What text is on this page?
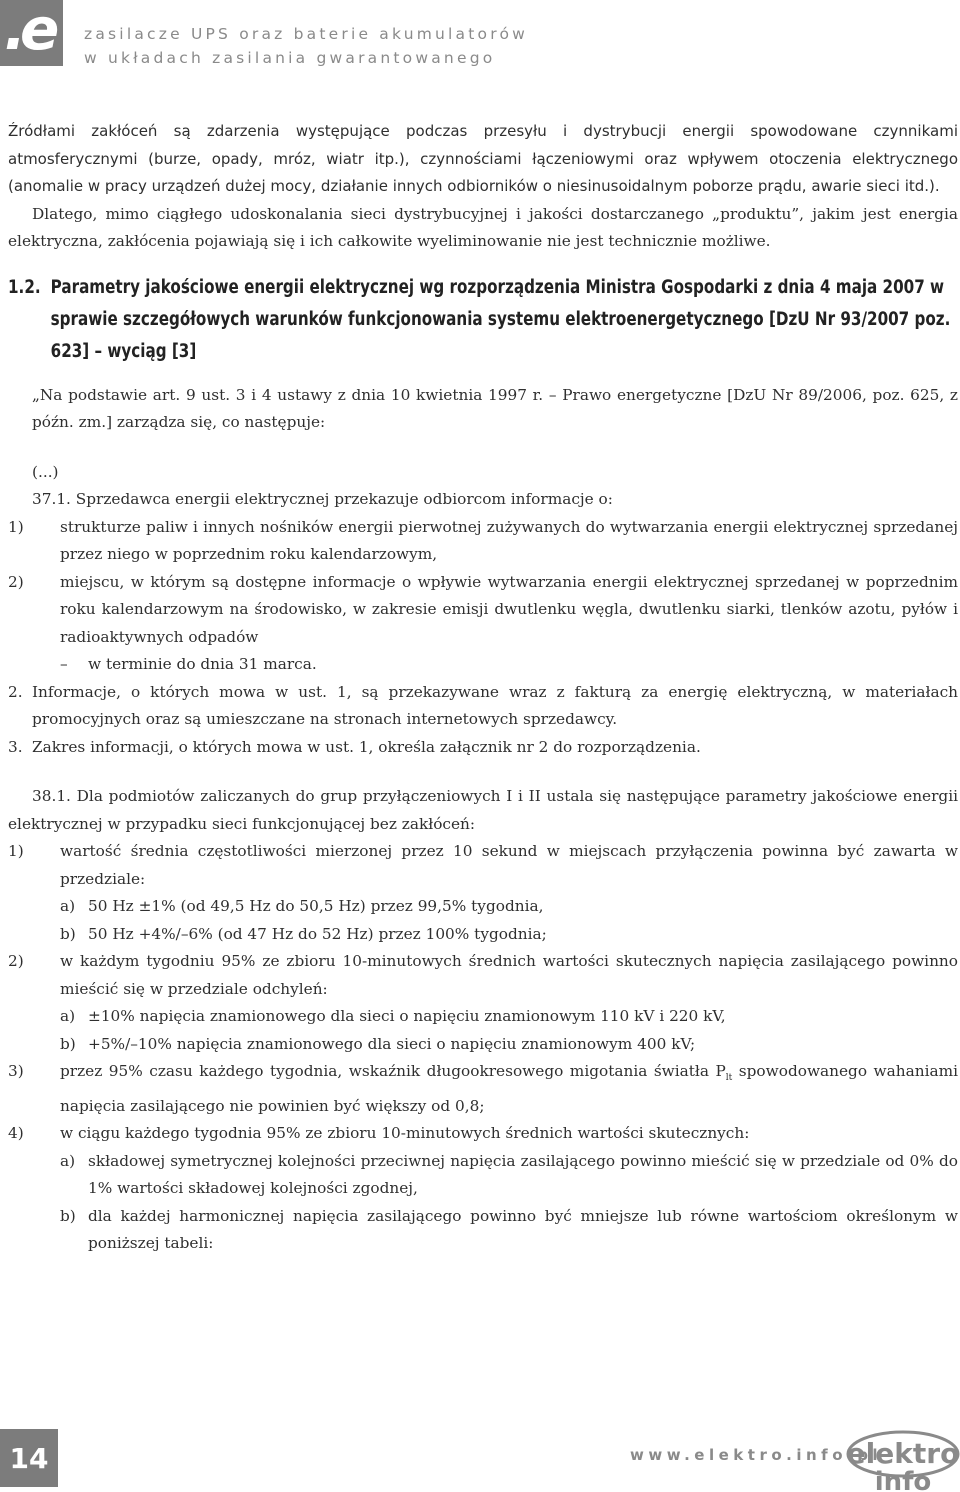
.e zasilacze UPS oraz baterie akumulatorów
w układach zasilania gwarantowanego

Źródłami zakłóceń są zdarzenia występujące podczas przesyłu i dystrybucji energii spowodowane czynnikami atmosferycznymi (burze, opady, mróz, wiatr itp.), czynnościami łączeniowymi oraz wpływem otoczenia elektrycznego (anomalie w pracy urządzeń dużej mocy, działanie innych odbiorników o niesinusoidalnym poborze prądu, awarie sieci itd.).

Dlatego, mimo ciągłego udoskonalania sieci dystrybucyjnej i jakości dostarczanego „produktu”, jakim jest energia elektryczna, zakłócenia pojawiają się i ich całkowite wyeliminowanie nie jest technicznie możliwe.

1.2. Parametry jakościowe energii elektrycznej wg rozporządzenia Ministra Gospodarki z dnia 4 maja 2007 w sprawie szczegółowych warunków funkcjonowania systemu elektroenergetycznego [DzU Nr 93/2007 poz. 623] – wyciąg [3]

„Na podstawie art. 9 ust. 3 i 4 ustawy z dnia 10 kwietnia 1997 r. – Prawo energetyczne [DzU Nr 89/2006, poz. 625, z późn. zm.] zarządza się, co następuje:

(...)

37.1. Sprzedawca energii elektrycznej przekazuje odbiorcom informacje o:

1)	strukturze paliw i innych nośników energii pierwotnej zużywanych do wytwarzania energii elektrycznej sprzedanej przez niego w poprzednim roku kalendarzowym,
2)	miejscu, w którym są dostępne informacje o wpływie wytwarzania energii elektrycznej sprzedanej w poprzednim roku kalendarzowym na środowisko, w zakresie emisji dwutlenku węgla, dwutlenku siarki, tlenków azotu, pyłów i radioaktywnych odpadów
–	w terminie do dnia 31 marca.
2. Informacje, o których mowa w ust. 1, są przekazywane wraz z fakturą za energię elektryczną, w materiałach promocyjnych oraz są umieszczane na stronach internetowych sprzedawcy.
3. Zakres informacji, o których mowa w ust. 1, określa załącznik nr 2 do rozporządzenia.

38.1. Dla podmiotów zaliczanych do grup przyłączeniowych I i II ustala się następujące parametry jakościowe energii elektrycznej w przypadku sieci funkcjonującej bez zakłóceń:

1)	wartość średnia częstotliwości mierzonej przez 10 sekund w miejscach przyłączenia powinna być zawarta w przedziale:
a) 50 Hz ±1% (od 49,5 Hz do 50,5 Hz) przez 99,5% tygodnia,
b) 50 Hz +4%/–6% (od 47 Hz do 52 Hz) przez 100% tygodnia;
2)	w każdym tygodniu 95% ze zbioru 10-minutowych średnich wartości skutecznych napięcia zasilającego powinno mieścić się w przedziale odchyleń:
a) ±10% napięcia znamionowego dla sieci o napięciu znamionowym 110 kV i 220 kV,
b) +5%/–10% napięcia znamionowego dla sieci o napięciu znamionowym 400 kV;
3)	przez 95% czasu każdego tygodnia, wskaźnik długookresowego migotania światła $P_{lt}$ spowodowanego wahaniami napięcia zasilającego nie powinien być większy od 0,8;
4)	w ciągu każdego tygodnia 95% ze zbioru 10-minutowych średnich wartości skutecznych:
a) składowej symetrycznej kolejności przeciwnej napięcia zasilającego powinno mieścić się w przedziale od 0% do 1% wartości składowej kolejności zgodnej,
b) dla każdej harmonicznej napięcia zasilającego powinno być mniejsze lub równe wartościom określonym w poniższej tabeli:
14	www.elektro.info.pl
elektro
info
